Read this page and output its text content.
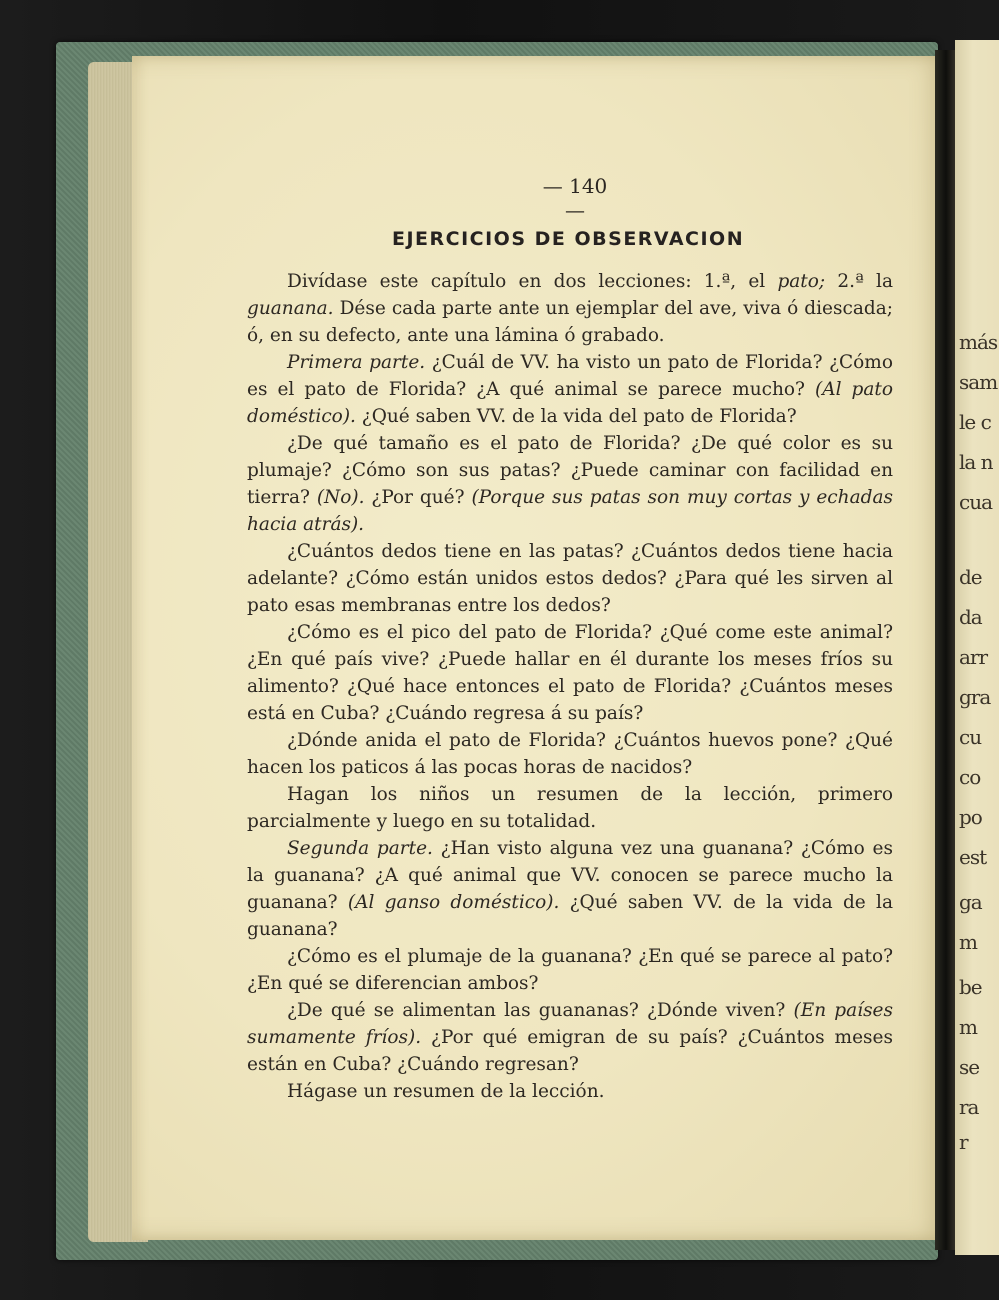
más
sam
le c
la n
cua
de
da
arr
gra
cu
co
po
est
ga
m
be
m
se
ra
r
— 140 —
EJERCICIOS DE OBSERVACION

Divídase este capítulo en dos lecciones: 1.ª, el pato; 2.ª la guanana. Dése cada parte ante un ejemplar del ave, viva ó diescada; ó, en su defecto, ante una lámina ó grabado.

Primera parte. ¿Cuál de VV. ha visto un pato de Florida? ¿Cómo es el pato de Florida? ¿A qué animal se parece mucho? (Al pato doméstico). ¿Qué saben VV. de la vida del pato de Florida?

¿De qué tamaño es el pato de Florida? ¿De qué color es su plumaje? ¿Cómo son sus patas? ¿Puede caminar con facilidad en tierra? (No). ¿Por qué? (Porque sus patas son muy cortas y echadas hacia atrás).

¿Cuántos dedos tiene en las patas? ¿Cuántos dedos tiene hacia adelante? ¿Cómo están unidos estos dedos? ¿Para qué les sirven al pato esas membranas entre los dedos?

¿Cómo es el pico del pato de Florida? ¿Qué come este animal? ¿En qué país vive? ¿Puede hallar en él durante los meses fríos su alimento? ¿Qué hace entonces el pato de Florida? ¿Cuántos meses está en Cuba? ¿Cuándo regresa á su país?

¿Dónde anida el pato de Florida? ¿Cuántos huevos pone? ¿Qué hacen los paticos á las pocas horas de nacidos?

Hagan los niños un resumen de la lección, primero parcialmente y luego en su totalidad.

Segunda parte. ¿Han visto alguna vez una guanana? ¿Cómo es la guanana? ¿A qué animal que VV. conocen se parece mucho la guanana? (Al ganso doméstico). ¿Qué saben VV. de la vida de la guanana?

¿Cómo es el plumaje de la guanana? ¿En qué se parece al pato? ¿En qué se diferencian ambos?

¿De qué se alimentan las guananas? ¿Dónde viven? (En países sumamente fríos). ¿Por qué emigran de su país? ¿Cuántos meses están en Cuba? ¿Cuándo regresan?

Hágase un resumen de la lección.
